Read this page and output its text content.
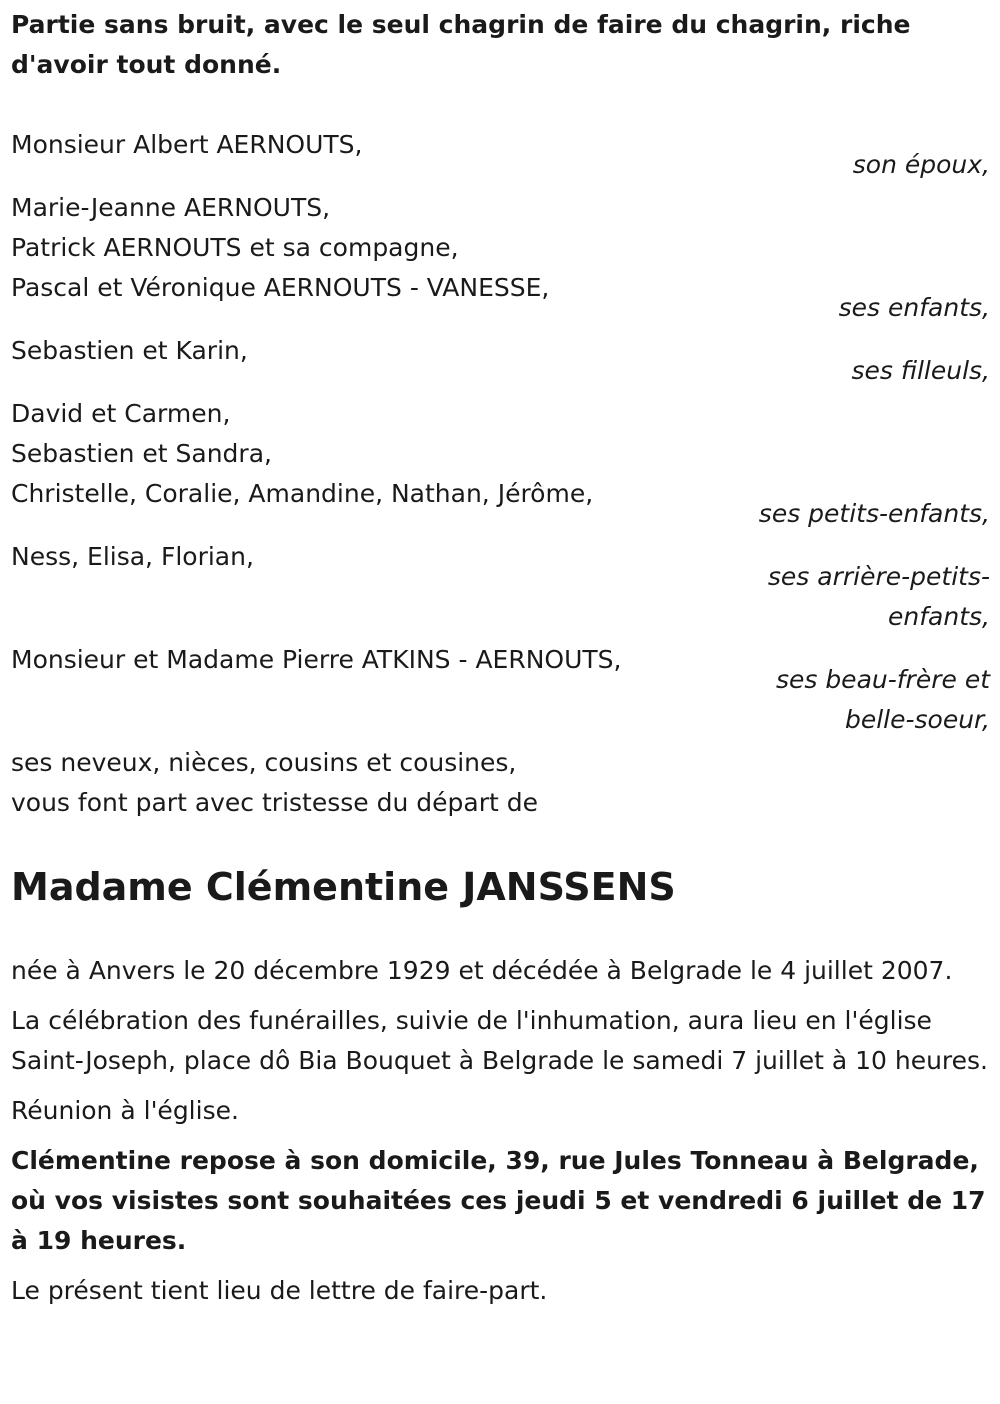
Partie sans bruit, avec le seul chagrin de faire du chagrin, riche d'avoir tout donné.
Monsieur Albert AERNOUTS,
son époux,
Marie-Jeanne AERNOUTS,
Patrick AERNOUTS et sa compagne,
Pascal et Véronique AERNOUTS - VANESSE,
ses enfants,
Sebastien et Karin,
ses filleuls,
David et Carmen,
Sebastien et Sandra,
Christelle, Coralie, Amandine, Nathan, Jérôme,
ses petits-enfants,
Ness, Elisa, Florian,
ses arrière-petits-enfants,
Monsieur et Madame Pierre ATKINS - AERNOUTS,
ses beau-frère et belle-soeur,
ses neveux, nièces, cousins et cousines,
vous font part avec tristesse du départ de
Madame Clémentine JANSSENS
née à Anvers le 20 décembre 1929 et décédée à Belgrade le 4 juillet 2007.
La célébration des funérailles, suivie de l'inhumation, aura lieu en l'église Saint-Joseph, place dô Bia Bouquet à Belgrade le samedi 7 juillet à 10 heures.
Réunion à l'église.
Clémentine repose à son domicile, 39, rue Jules Tonneau à Belgrade, où vos visistes sont souhaitées ces jeudi 5 et vendredi 6 juillet de 17 à 19 heures.
Le présent tient lieu de lettre de faire-part.
